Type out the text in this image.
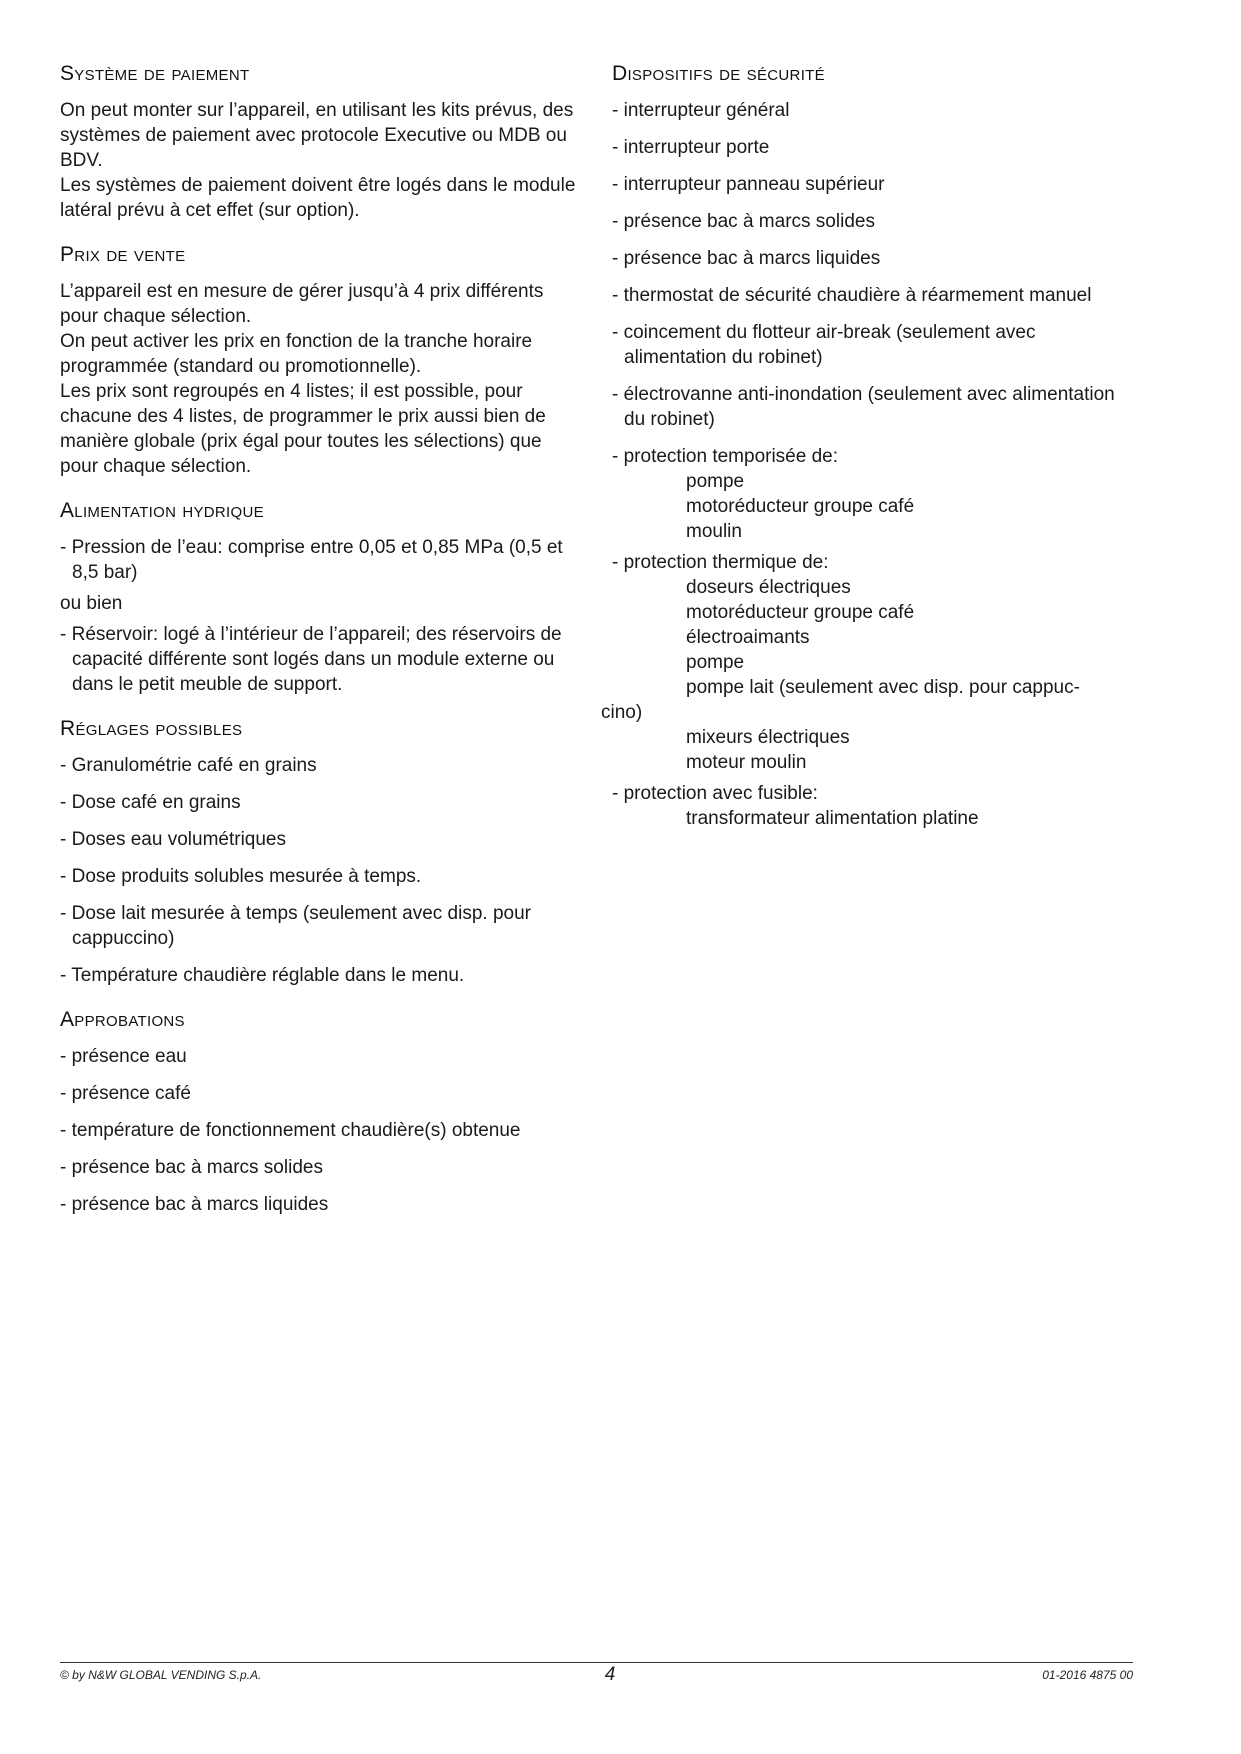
Système de paiement

On peut monter sur l’appareil, en utilisant les kits prévus, des systèmes de paiement avec protocole Executive ou MDB ou BDV.

Les systèmes de paiement doivent être logés dans le module latéral prévu à cet effet (sur option).

Prix de vente

L’appareil est en mesure de gérer jusqu’à 4 prix différents pour chaque sélection.

On peut activer les prix en fonction de la tranche horaire programmée (standard ou promotionnelle).

Les prix sont regroupés en 4 listes; il est possible, pour chacune des 4 listes, de programmer le prix aussi bien de manière globale (prix égal pour toutes les sélections) que pour chaque sélection.

Alimentation hydrique
- Pression de l’eau: comprise entre 0,05 et 0,85 MPa (0,5 et 8,5 bar)

ou bien

- Réservoir: logé à l’intérieur de l’appareil; des réservoirs de capacité différente sont logés dans un module externe ou dans le petit meuble de support.
Réglages possibles
- Granulométrie café en grains
- Dose café en grains
- Doses eau volumétriques
- Dose produits solubles mesurée à temps.
- Dose lait mesurée à temps (seulement avec disp. pour cappuccino)
- Température chaudière réglable dans le menu.
Approbations
- présence eau
- présence café
- température de fonctionnement chaudière(s) obtenue
- présence bac à marcs solides
- présence bac à marcs liquides
Dispositifs de sécurité
- interrupteur général
- interrupteur porte
- interrupteur panneau supérieur
- présence bac à marcs solides
- présence bac à marcs liquides
- thermostat de sécurité chaudière à réarmement manuel
- coincement du flotteur air-break (seulement avec alimentation du robinet)
- électrovanne anti-inondation (seulement avec alimentation du robinet)
- protection temporisée de:
pompe
motoréducteur groupe café
moulin
- protection thermique de:
doseurs électriques
motoréducteur groupe café
électroaimants
pompe
pompe lait (seulement avec disp. pour cappuc-
cino)
mixeurs électriques
moteur moulin
- protection avec fusible:
transformateur alimentation platine
© by N&W GLOBAL VENDING S.p.A.	4	01-2016 4875 00
